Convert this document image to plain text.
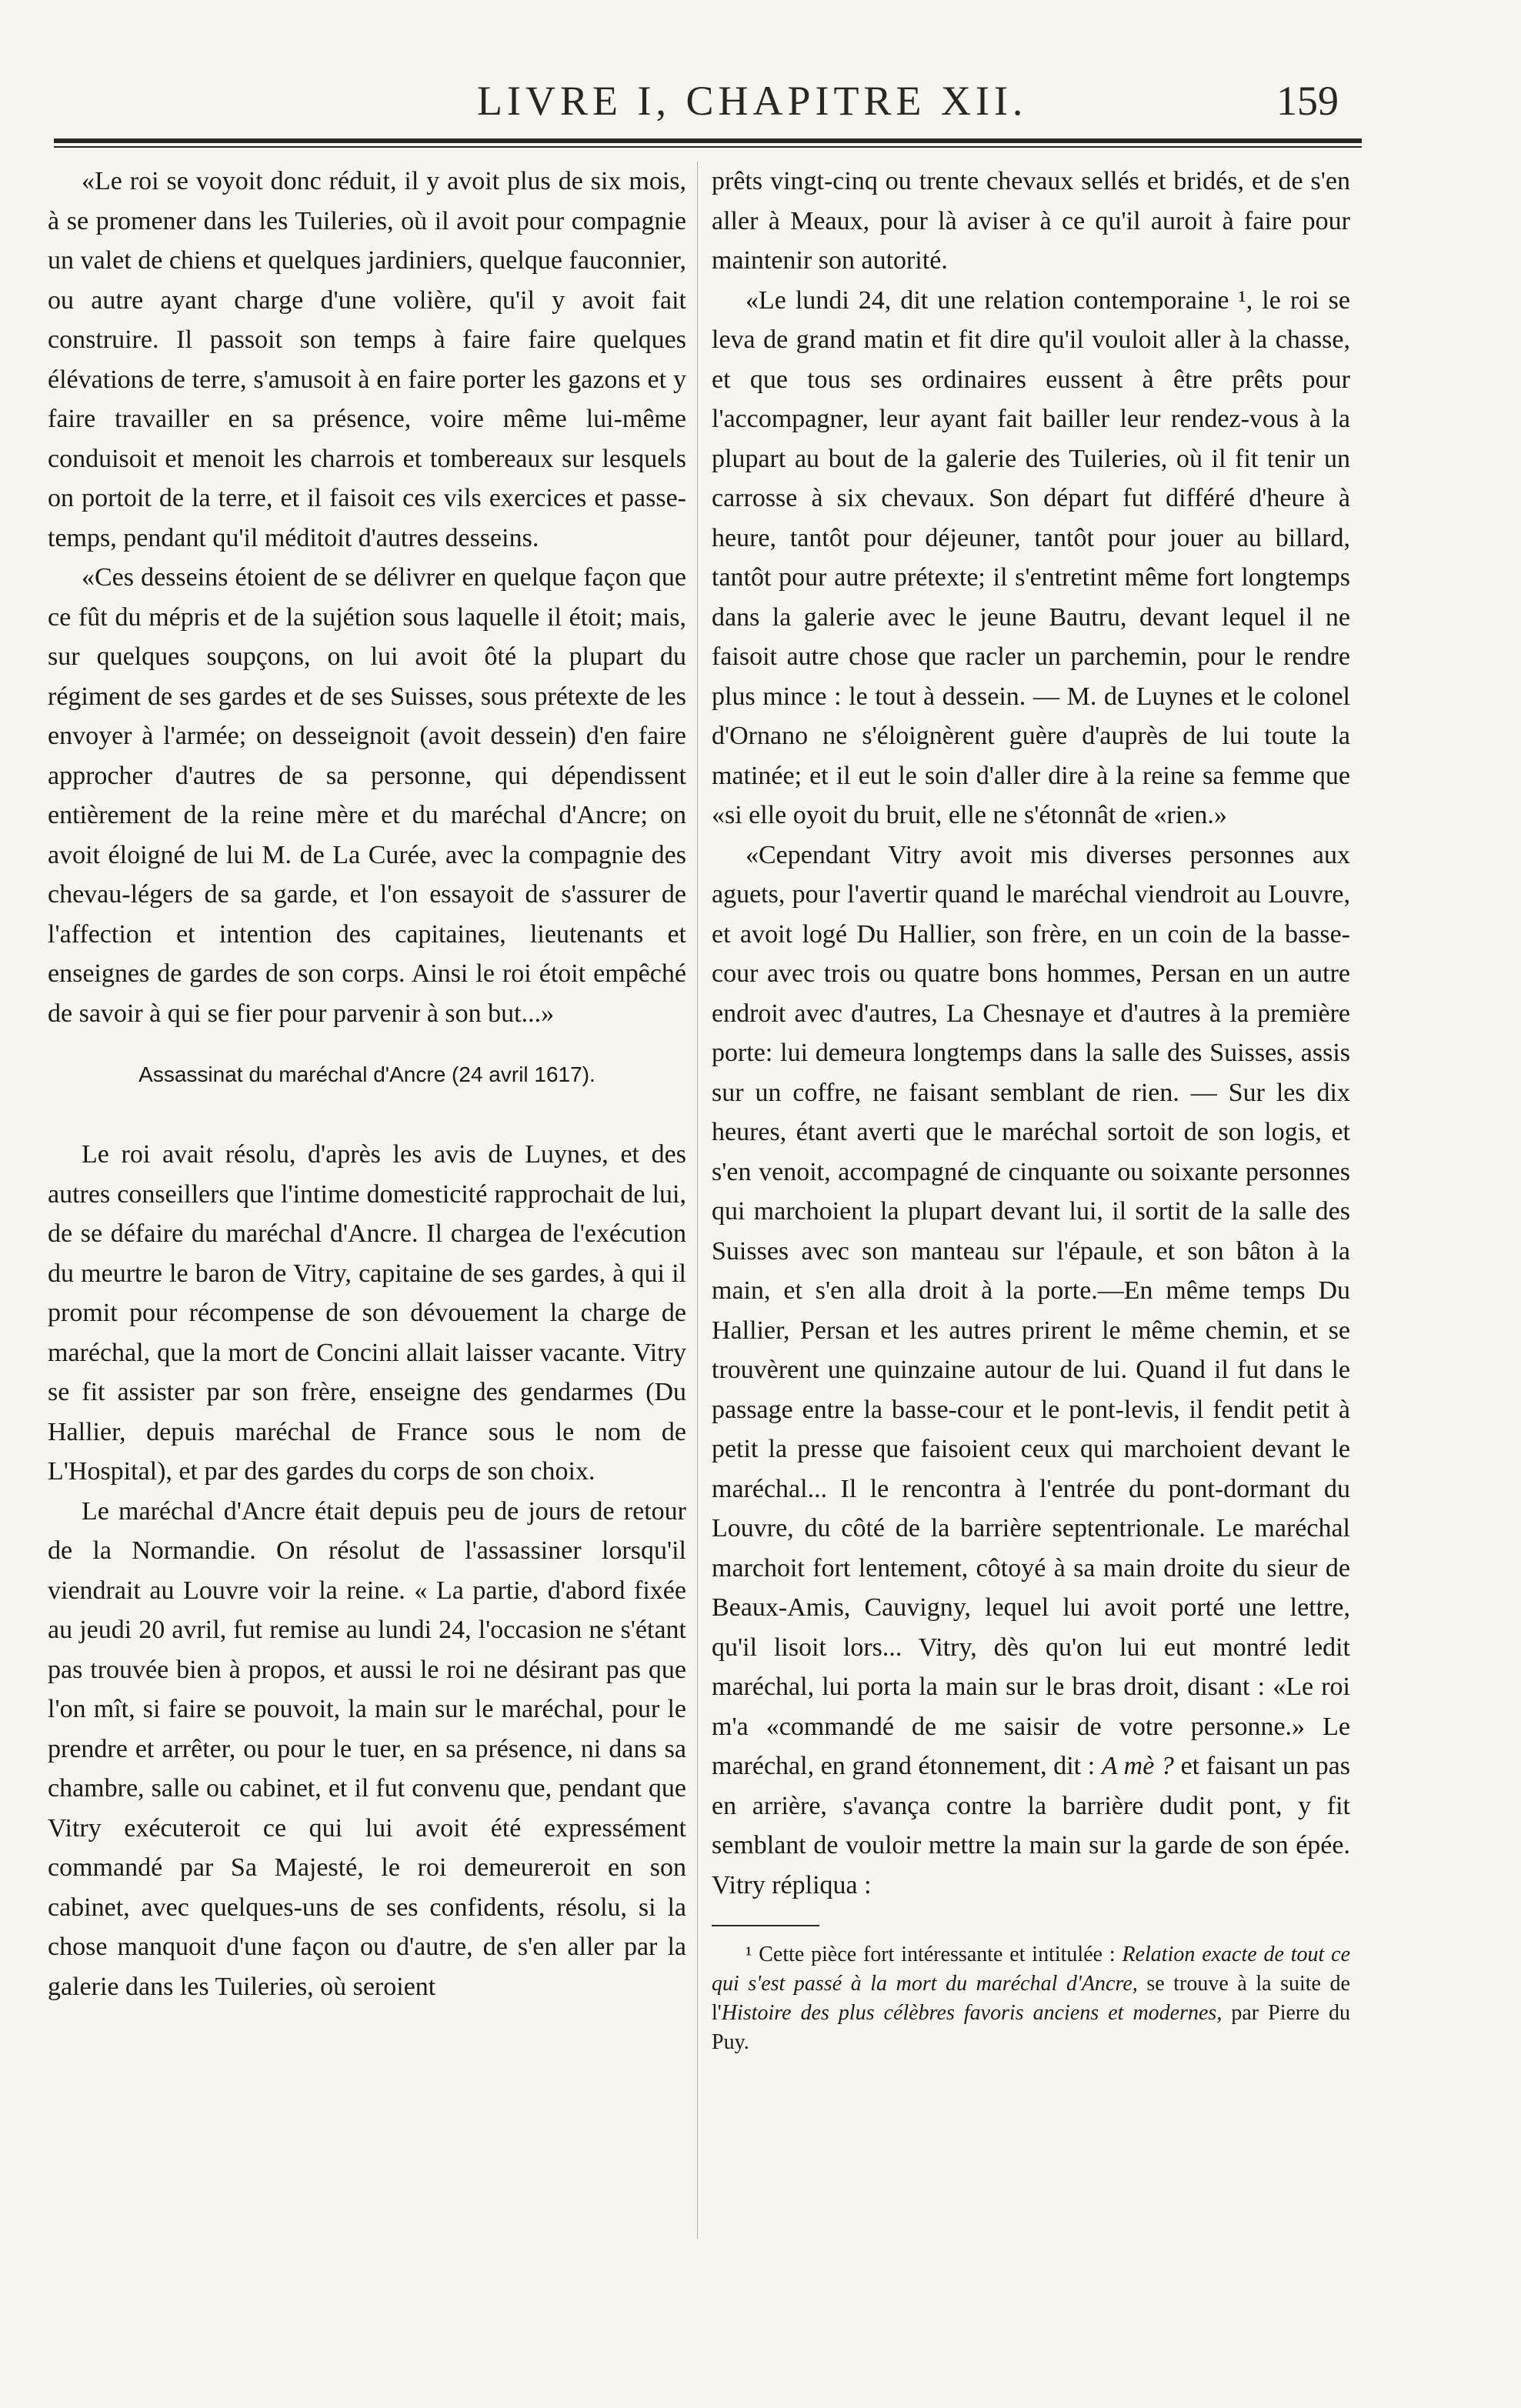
LIVRE I, CHAPITRE XII.	159

«Le roi se voyoit donc réduit, il y avoit plus de six mois, à se promener dans les Tuileries, où il avoit pour compagnie un valet de chiens et quelques jardiniers, quelque fauconnier, ou autre ayant charge d'une volière, qu'il y avoit fait construire. Il passoit son temps à faire faire quelques élévations de terre, s'amusoit à en faire porter les gazons et y faire travailler en sa présence, voire même lui-même conduisoit et menoit les charrois et tombereaux sur lesquels on portoit de la terre, et il faisoit ces vils exercices et passe-temps, pendant qu'il méditoit d'autres desseins.

«Ces desseins étoient de se délivrer en quelque façon que ce fût du mépris et de la sujétion sous laquelle il étoit; mais, sur quelques soupçons, on lui avoit ôté la plupart du régiment de ses gardes et de ses Suisses, sous prétexte de les envoyer à l'armée; on desseignoit (avoit dessein) d'en faire approcher d'autres de sa personne, qui dépendissent entièrement de la reine mère et du maréchal d'Ancre; on avoit éloigné de lui M. de La Curée, avec la compagnie des chevau-légers de sa garde, et l'on essayoit de s'assurer de l'affection et intention des capitaines, lieutenants et enseignes de gardes de son corps. Ainsi le roi étoit empêché de savoir à qui se fier pour parvenir à son but...»

Assassinat du maréchal d'Ancre (24 avril 1617).

Le roi avait résolu, d'après les avis de Luynes, et des autres conseillers que l'intime domesticité rapprochait de lui, de se défaire du maréchal d'Ancre. Il chargea de l'exécution du meurtre le baron de Vitry, capitaine de ses gardes, à qui il promit pour récompense de son dévouement la charge de maréchal, que la mort de Concini allait laisser vacante. Vitry se fit assister par son frère, enseigne des gendarmes (Du Hallier, depuis maréchal de France sous le nom de L'Hospital), et par des gardes du corps de son choix.

Le maréchal d'Ancre était depuis peu de jours de retour de la Normandie. On résolut de l'assassiner lorsqu'il viendrait au Louvre voir la reine. « La partie, d'abord fixée au jeudi 20 avril, fut remise au lundi 24, l'occasion ne s'étant pas trouvée bien à propos, et aussi le roi ne désirant pas que l'on mît, si faire se pouvoit, la main sur le maréchal, pour le prendre et arrêter, ou pour le tuer, en sa présence, ni dans sa chambre, salle ou cabinet, et il fut convenu que, pendant que Vitry exécuteroit ce qui lui avoit été expressément commandé par Sa Majesté, le roi demeureroit en son cabinet, avec quelques-uns de ses confidents, résolu, si la chose manquoit d'une façon ou d'autre, de s'en aller par la galerie dans les Tuileries, où seroient

prêts vingt-cinq ou trente chevaux sellés et bridés, et de s'en aller à Meaux, pour là aviser à ce qu'il auroit à faire pour maintenir son autorité.

«Le lundi 24, dit une relation contemporaine ¹, le roi se leva de grand matin et fit dire qu'il vouloit aller à la chasse, et que tous ses ordinaires eussent à être prêts pour l'accompagner, leur ayant fait bailler leur rendez-vous à la plupart au bout de la galerie des Tuileries, où il fit tenir un carrosse à six chevaux. Son départ fut différé d'heure à heure, tantôt pour déjeuner, tantôt pour jouer au billard, tantôt pour autre prétexte; il s'entretint même fort longtemps dans la galerie avec le jeune Bautru, devant lequel il ne faisoit autre chose que racler un parchemin, pour le rendre plus mince : le tout à dessein. — M. de Luynes et le colonel d'Ornano ne s'éloignèrent guère d'auprès de lui toute la matinée; et il eut le soin d'aller dire à la reine sa femme que «si elle oyoit du bruit, elle ne s'étonnât de «rien.»

«Cependant Vitry avoit mis diverses personnes aux aguets, pour l'avertir quand le maréchal viendroit au Louvre, et avoit logé Du Hallier, son frère, en un coin de la basse-cour avec trois ou quatre bons hommes, Persan en un autre endroit avec d'autres, La Chesnaye et d'autres à la première porte: lui demeura longtemps dans la salle des Suisses, assis sur un coffre, ne faisant semblant de rien. — Sur les dix heures, étant averti que le maréchal sortoit de son logis, et s'en venoit, accompagné de cinquante ou soixante personnes qui marchoient la plupart devant lui, il sortit de la salle des Suisses avec son manteau sur l'épaule, et son bâton à la main, et s'en alla droit à la porte.—En même temps Du Hallier, Persan et les autres prirent le même chemin, et se trouvèrent une quinzaine autour de lui. Quand il fut dans le passage entre la basse-cour et le pont-levis, il fendit petit à petit la presse que faisoient ceux qui marchoient devant le maréchal... Il le rencontra à l'entrée du pont-dormant du Louvre, du côté de la barrière septentrionale. Le maréchal marchoit fort lentement, côtoyé à sa main droite du sieur de Beaux-Amis, Cauvigny, lequel lui avoit porté une lettre, qu'il lisoit lors... Vitry, dès qu'on lui eut montré ledit maréchal, lui porta la main sur le bras droit, disant : «Le roi m'a «commandé de me saisir de votre personne.» Le maréchal, en grand étonnement, dit : A mè ? et faisant un pas en arrière, s'avança contre la barrière dudit pont, y fit semblant de vouloir mettre la main sur la garde de son épée. Vitry répliqua :

¹ Cette pièce fort intéressante et intitulée : Relation exacte de tout ce qui s'est passé à la mort du maréchal d'Ancre, se trouve à la suite de l'Histoire des plus célèbres favoris anciens et modernes, par Pierre du Puy.
